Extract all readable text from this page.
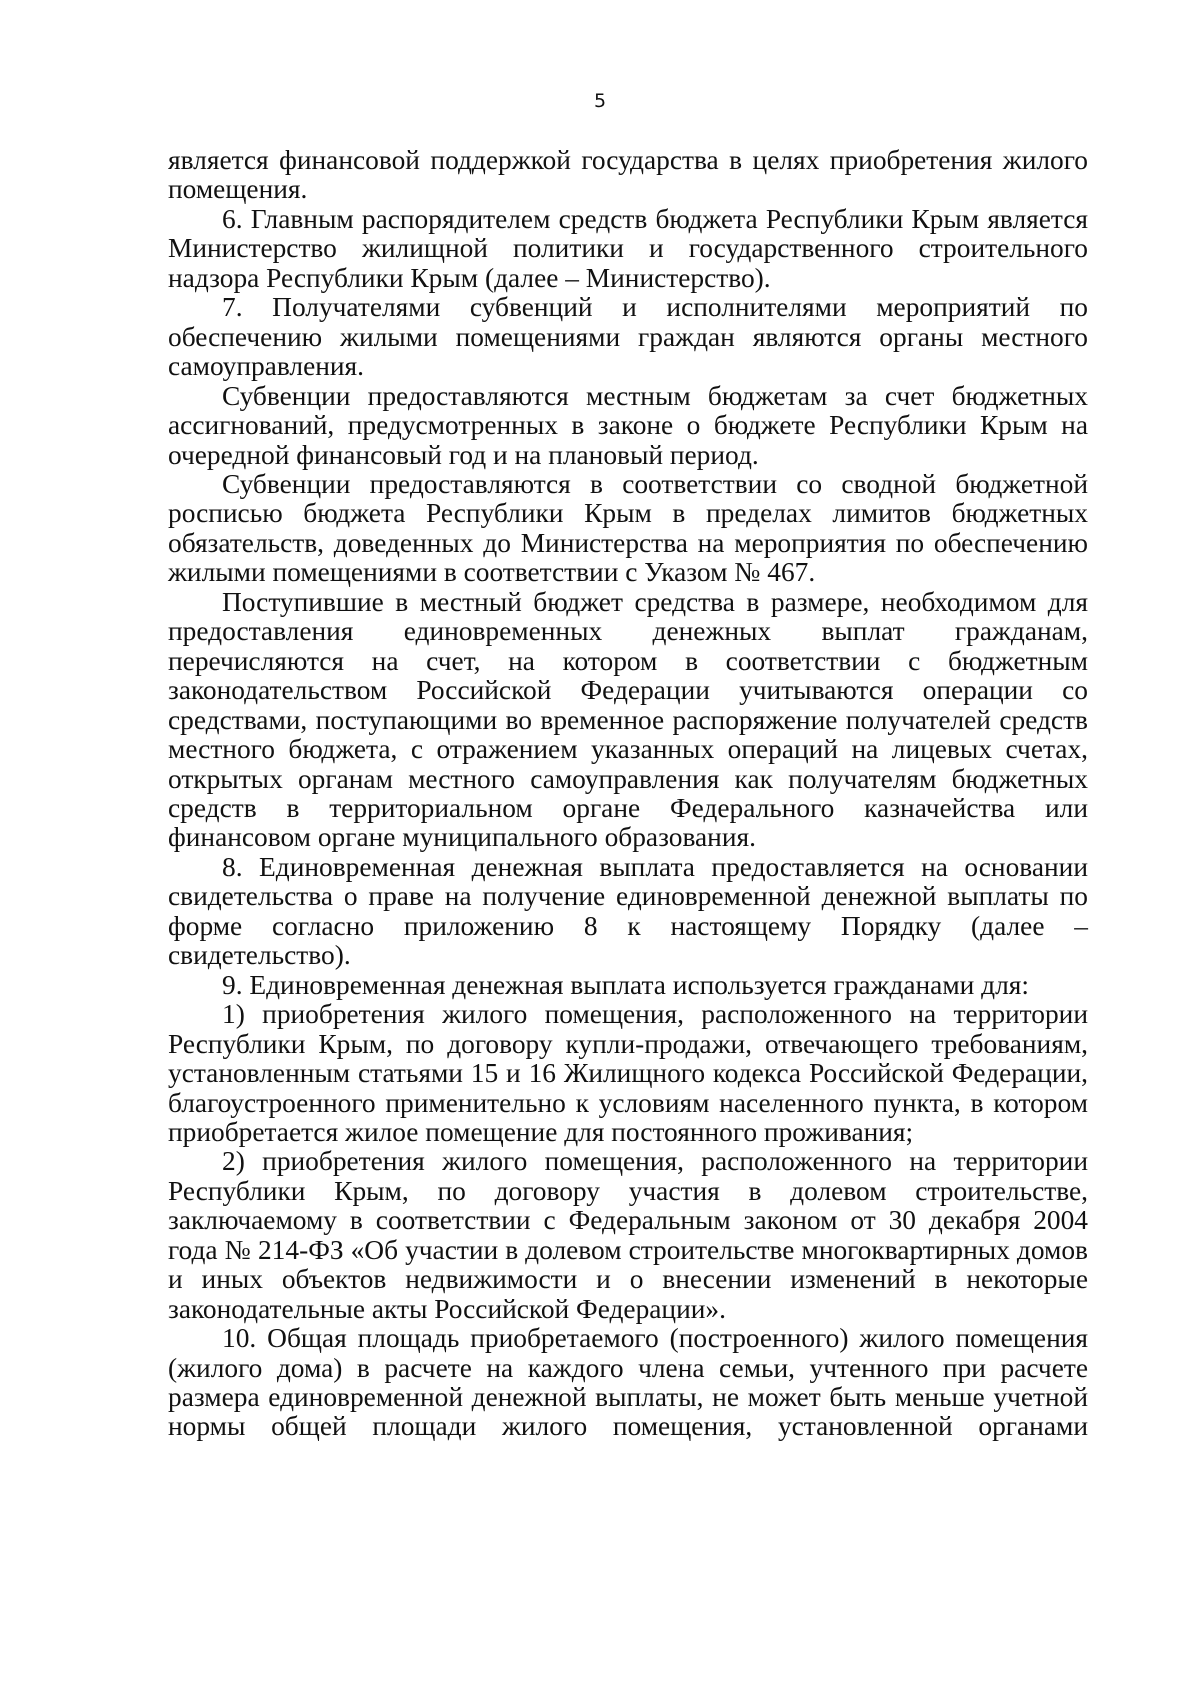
5

является финансовой поддержкой государства в целях приобретения жилого помещения.

6. Главным распорядителем средств бюджета Республики Крым является Министерство жилищной политики и государственного строительного надзора Республики Крым (далее – Министерство).

7. Получателями субвенций и исполнителями мероприятий по обеспечению жилыми помещениями граждан являются органы местного самоуправления.

Субвенции предоставляются местным бюджетам за счет бюджетных ассигнований, предусмотренных в законе о бюджете Республики Крым на очередной финансовый год и на плановый период.

Субвенции предоставляются в соответствии со сводной бюджетной росписью бюджета Республики Крым в пределах лимитов бюджетных обязательств, доведенных до Министерства на мероприятия по обеспечению жилыми помещениями в соответствии с Указом № 467.

Поступившие в местный бюджет средства в размере, необходимом для предоставления единовременных денежных выплат гражданам, перечисляются на счет, на котором в соответствии с бюджетным законодательством Российской Федерации учитываются операции со средствами, поступающими во временное распоряжение получателей средств местного бюджета, с отражением указанных операций на лицевых счетах, открытых органам местного самоуправления как получателям бюджетных средств в территориальном органе Федерального казначейства или финансовом органе муниципального образования.

8. Единовременная денежная выплата предоставляется на основании свидетельства о праве на получение единовременной денежной выплаты по форме согласно приложению 8 к настоящему Порядку (далее – свидетельство).

9. Единовременная денежная выплата используется гражданами для:

1) приобретения жилого помещения, расположенного на территории Республики Крым, по договору купли-продажи, отвечающего требованиям, установленным статьями 15 и 16 Жилищного кодекса Российской Федерации, благоустроенного применительно к условиям населенного пункта, в котором приобретается жилое помещение для постоянного проживания;

2) приобретения жилого помещения, расположенного на территории Республики Крым, по договору участия в долевом строительстве, заключаемому в соответствии с Федеральным законом от 30 декабря 2004 года № 214-ФЗ «Об участии в долевом строительстве многоквартирных домов и иных объектов недвижимости и о внесении изменений в некоторые законодательные акты Российской Федерации».

10. Общая площадь приобретаемого (построенного) жилого помещения (жилого дома) в расчете на каждого члена семьи, учтенного при расчете размера единовременной денежной выплаты, не может быть меньше учетной нормы общей площади жилого помещения, установленной органами
